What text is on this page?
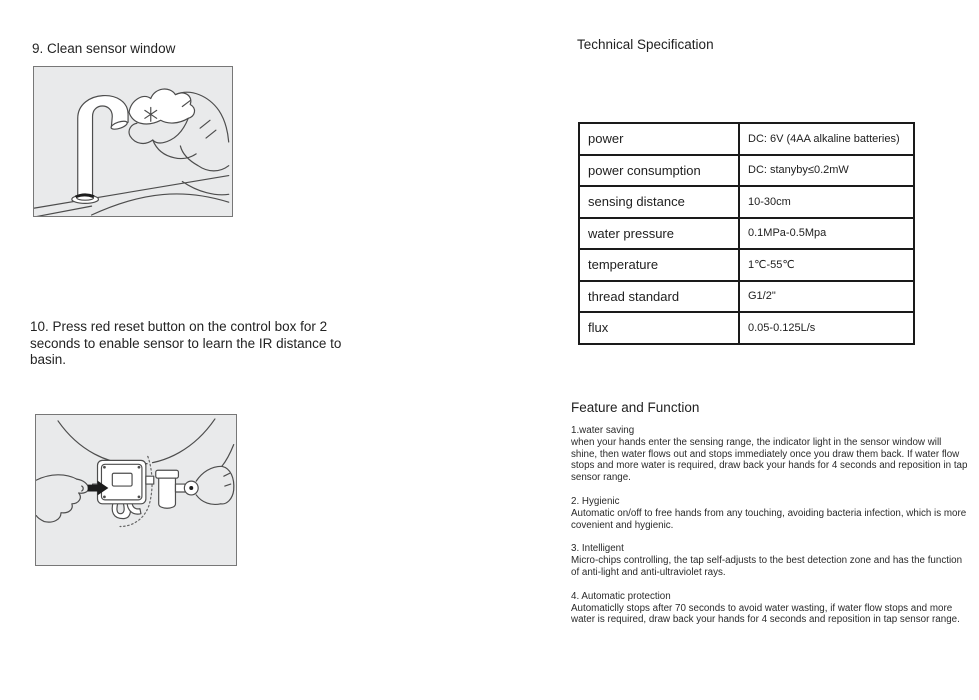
9. Clean sensor window
10. Press red reset button on the control box for 2 seconds to enable sensor to learn the IR distance to basin.
Technical Specification
power	DC: 6V (4AA alkaline batteries)
power consumption	DC: stanyby≤0.2mW
sensing distance	10-30cm
water pressure	0.1MPa-0.5Mpa
temperature	1℃-55℃
thread standard	G1/2"
flux	0.05-0.125L/s
Feature and Function

1.water saving

when your hands enter the sensing range, the indicator light in the sensor window will shine, then water flows out and stops immediately once you draw them back. If water flow stops and more water is required, draw back your hands for 4 seconds and reposition in tap sensor range.

2. Hygienic

Automatic on/off to free hands from any touching, avoiding bacteria infection, which is more covenient and hygienic.

3. Intelligent

Micro-chips controlling, the tap self-adjusts to the best detection zone and has the function of anti-light and anti-ultraviolet rays.

4. Automatic protection

Automaticlly stops after 70 seconds to avoid water wasting, if water flow stops and more water is required, draw back your hands for 4 seconds and reposition in tap sensor range.
